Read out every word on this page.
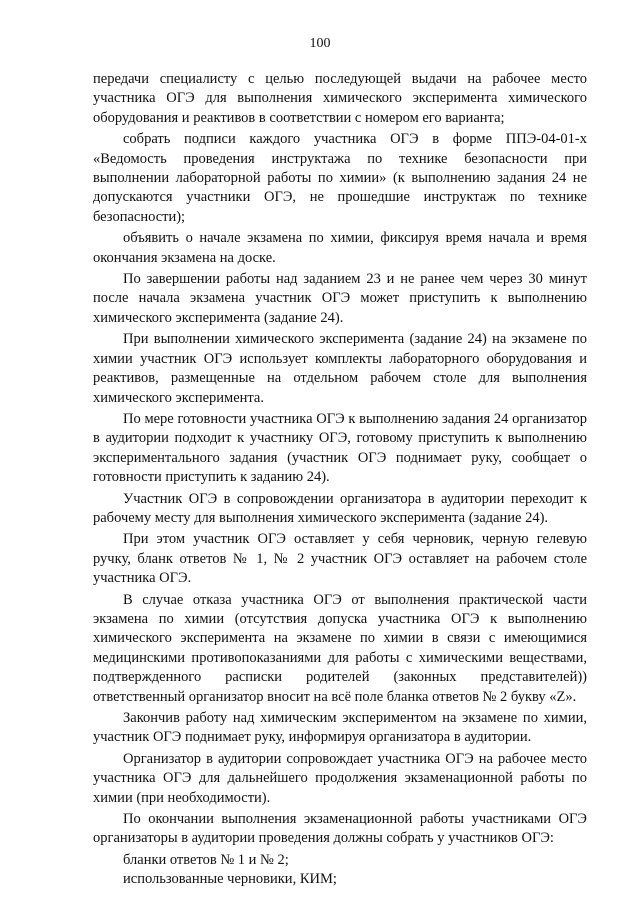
100

передачи специалисту с целью последующей выдачи на рабочее место участника ОГЭ для выполнения химического эксперимента химического оборудования и реактивов в соответствии с номером его варианта;

собрать подписи каждого участника ОГЭ в форме ППЭ-04-01-х «Ведомость проведения инструктажа по технике безопасности при выполнении лабораторной работы по химии» (к выполнению задания 24 не допускаются участники ОГЭ, не прошедшие инструктаж по технике безопасности);

объявить о начале экзамена по химии, фиксируя время начала и время окончания экзамена на доске.

По завершении работы над заданием 23 и не ранее чем через 30 минут после начала экзамена участник ОГЭ может приступить к выполнению химического эксперимента (задание 24).

При выполнении химического эксперимента (задание 24) на экзамене по химии участник ОГЭ использует комплекты лабораторного оборудования и реактивов, размещенные на отдельном рабочем столе для выполнения химического эксперимента.

По мере готовности участника ОГЭ к выполнению задания 24 организатор в аудитории подходит к участнику ОГЭ, готовому приступить к выполнению экспериментального задания (участник ОГЭ поднимает руку, сообщает о готовности приступить к заданию 24).

Участник ОГЭ в сопровождении организатора в аудитории переходит к рабочему месту для выполнения химического эксперимента (задание 24).

При этом участник ОГЭ оставляет у себя черновик, черную гелевую ручку, бланк ответов № 1, № 2 участник ОГЭ оставляет на рабочем столе участника ОГЭ.

В случае отказа участника ОГЭ от выполнения практической части экзамена по химии (отсутствия допуска участника ОГЭ к выполнению химического эксперимента на экзамене по химии в связи с имеющимися медицинскими противопоказаниями для работы с химическими веществами, подтвержденного расписки родителей (законных представителей)) ответственный организатор вносит на всё поле бланка ответов № 2 букву «Z».

Закончив работу над химическим экспериментом на экзамене по химии, участник ОГЭ поднимает руку, информируя организатора в аудитории.

Организатор в аудитории сопровождает участника ОГЭ на рабочее место участника ОГЭ для дальнейшего продолжения экзаменационной работы по химии (при необходимости).

По окончании выполнения экзаменационной работы участниками ОГЭ организаторы в аудитории проведения должны собрать у участников ОГЭ:

бланки ответов № 1 и № 2;

использованные черновики, КИМ;
